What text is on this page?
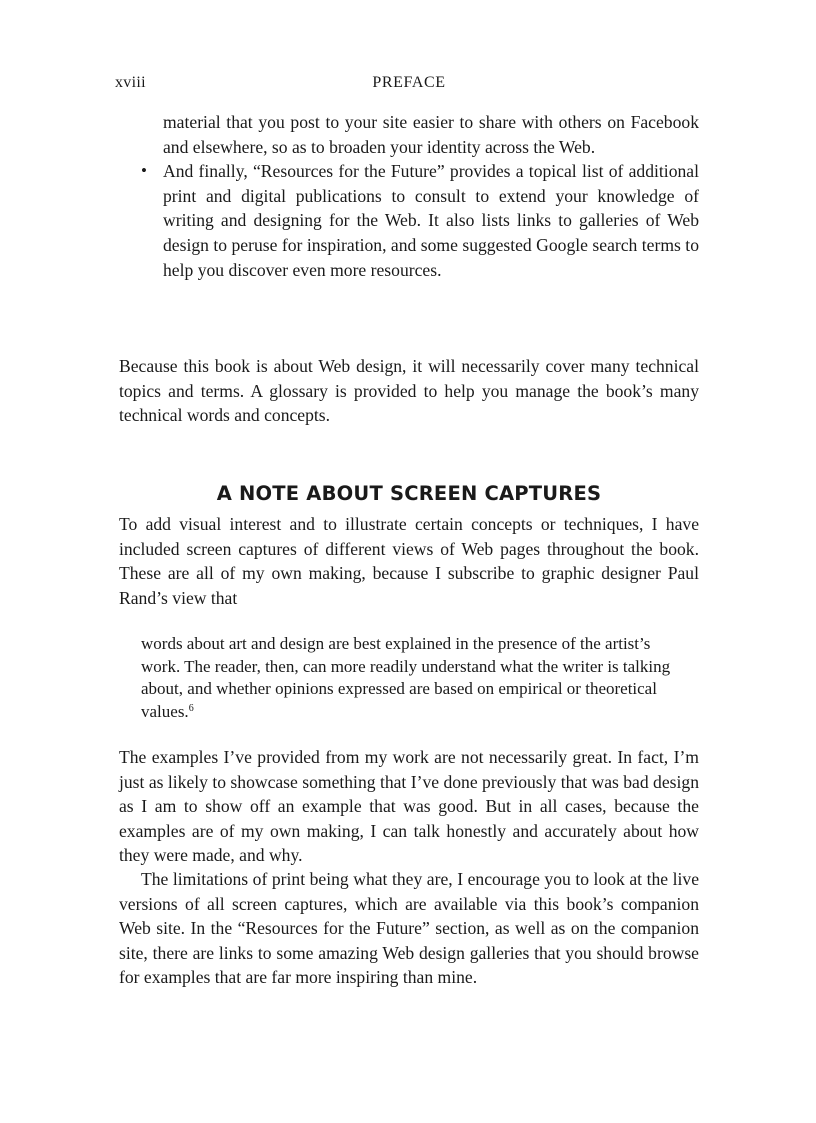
xviii	PREFACE

material that you post to your site easier to share with others on Facebook and elsewhere, so as to broaden your identity across the Web.

• And finally, “Resources for the Future” provides a topical list of additional print and digital publications to consult to extend your knowledge of writing and designing for the Web. It also lists links to galleries of Web design to peruse for inspiration, and some suggested Google search terms to help you discover even more resources.

Because this book is about Web design, it will necessarily cover many technical topics and terms. A glossary is provided to help you manage the book’s many technical words and concepts.

A NOTE ABOUT SCREEN CAPTURES

To add visual interest and to illustrate certain concepts or techniques, I have included screen captures of different views of Web pages throughout the book. These are all of my own making, because I subscribe to graphic designer Paul Rand’s view that

words about art and design are best explained in the presence of the artist’s work. The reader, then, can more readily understand what the writer is talking about, and whether opinions expressed are based on empirical or theoretical values.$^6$

The examples I’ve provided from my work are not necessarily great. In fact, I’m just as likely to showcase something that I’ve done previously that was bad design as I am to show off an example that was good. But in all cases, because the examples are of my own making, I can talk honestly and accurately about how they were made, and why.

The limitations of print being what they are, I encourage you to look at the live versions of all screen captures, which are available via this book’s companion Web site. In the “Resources for the Future” section, as well as on the companion site, there are links to some amazing Web design galleries that you should browse for examples that are far more inspiring than mine.
